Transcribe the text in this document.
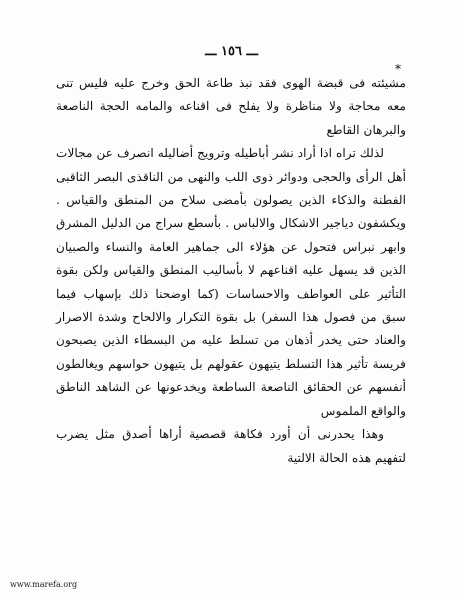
ـــ ١٥٦ ـــ
*

مشيئته فى قبضة الهوى فقد نبذ طاعة الحق وخرج عليه فليس تنى معه محاجة ولا مناظرة ولا يفلح فى اقناعه والمامه الحجة الناصعة والبرهان القاطع

لذلك تراه اذا أراد نشر أباطيله وترويج أضاليله انصرف عن مجالات أهل الرأى والحجى ودوائر ذوى اللب والنهى من الناقذى البصر الثاقبى الفطنة والذكاء الذين يصولون بأمضى سلاح من المنطق والقياس . ويكشفون دياجير الاشكال والالباس . بأسطع سراج من الدليل المشرق وابهر نبراس فتحول عن هؤلاء الى جماهير العامة والنساء والصبيان الذين قد يسهل عليه اقناعهم لا بأساليب المنطق والقياس ولكن بقوة التأثير على العواطف والاحساسات (كما اوضحنا ذلك بإسهاب فيما سبق من فصول هذا السفر) بل بقوة التكرار والالحاح وشدة الاصرار والعناد حتى يخدر أذهان من تسلط عليه من البسطاء الذين يصبحون فريسة تأثير هذا التسلط يتيهون عقولهم بل يتيهون حواسهم ويغالطون أنفسهم عن الحقائق الناصعة الساطعة ويخدعونها عن الشاهد الناطق والواقع الملموس

وهذا يحدرنى أن أورد فكاهة قصصية أراها أصدق مثل يضرب لتفهيم هذه الحالة الالتية

www.marefa.org
